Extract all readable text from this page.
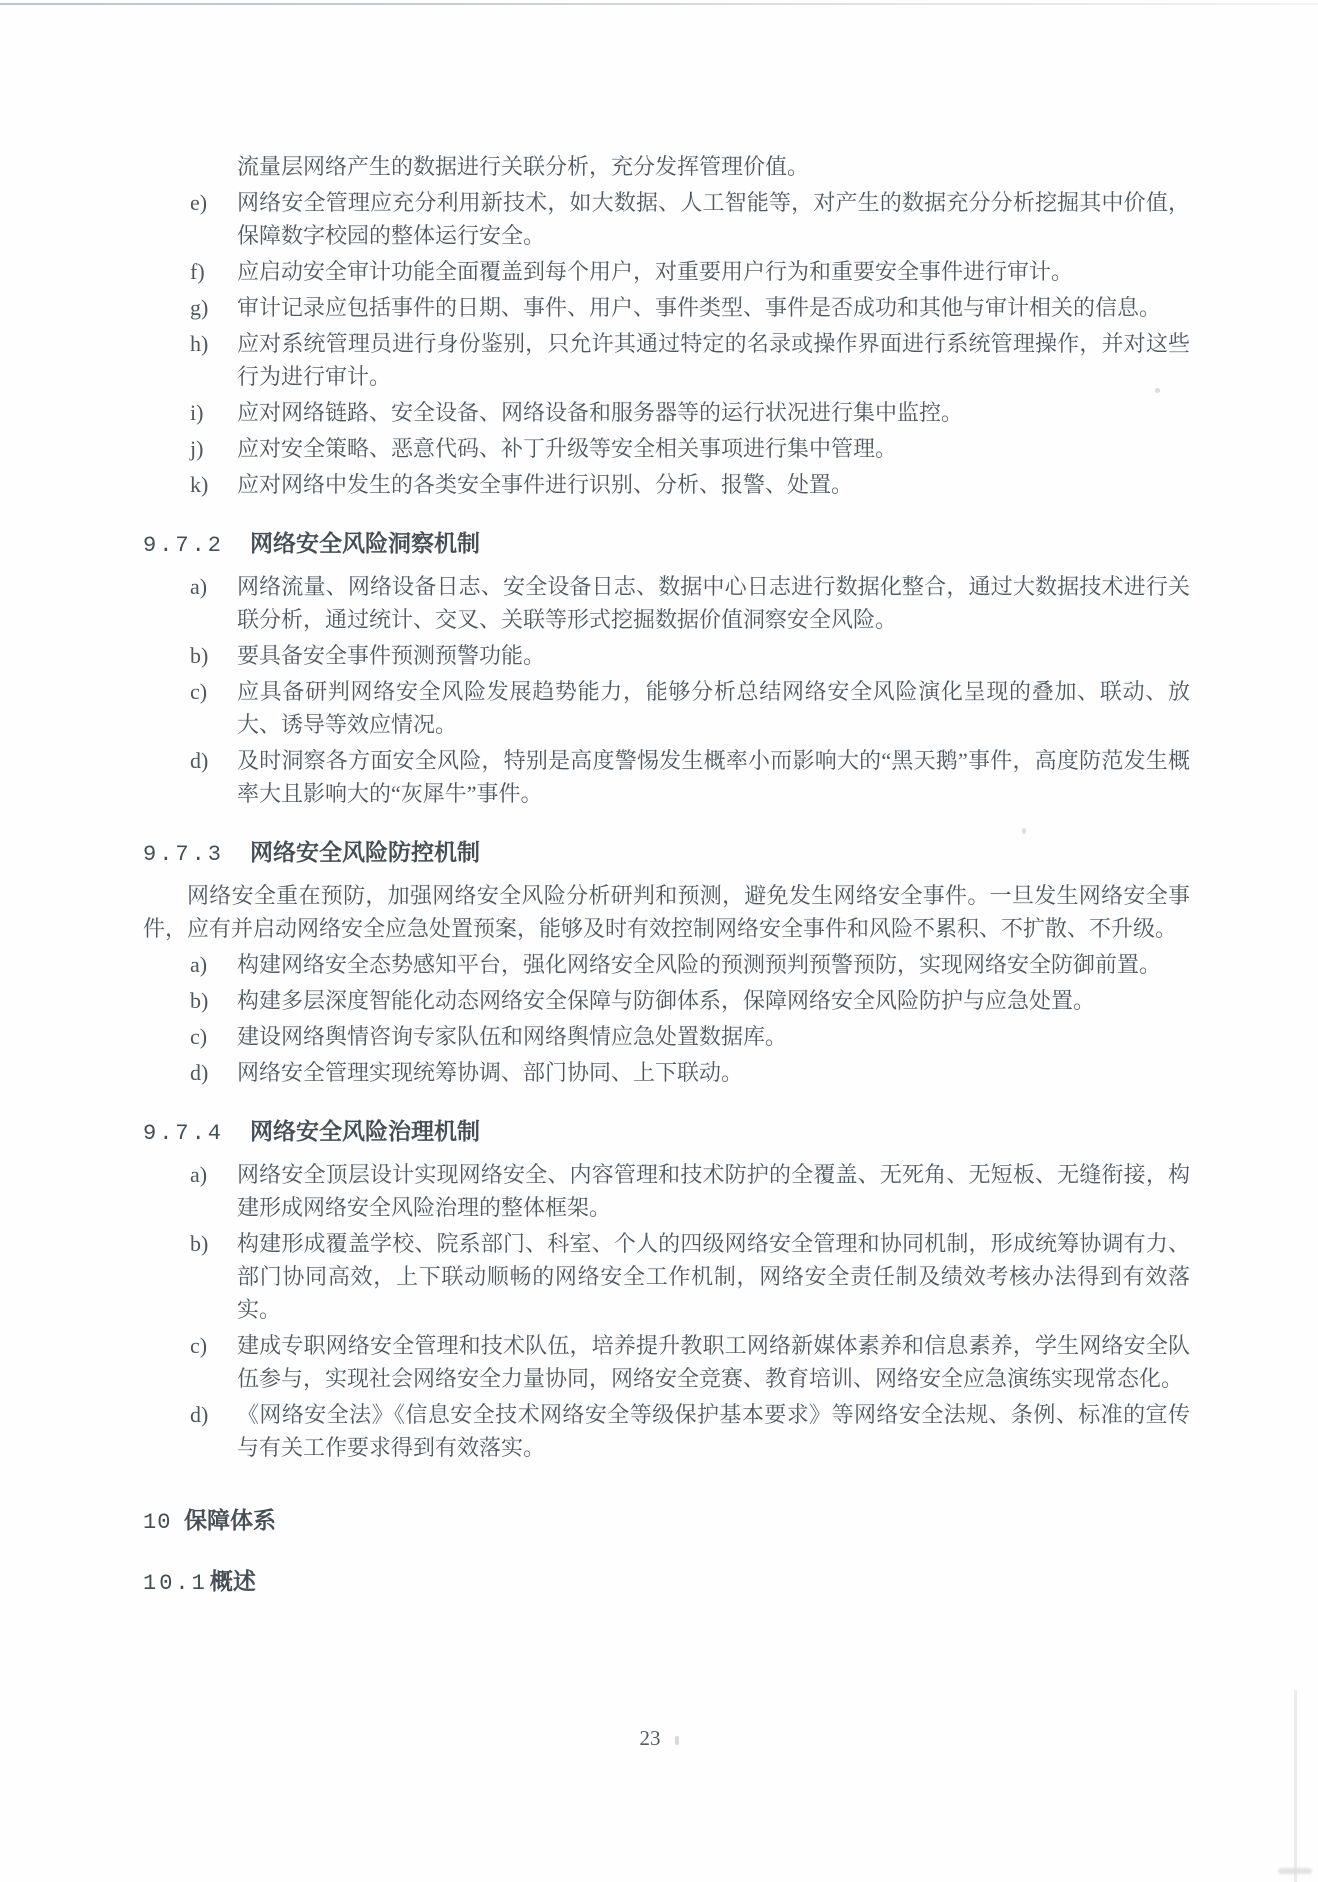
流量层网络产生的数据进行关联分析，充分发挥管理价值。
e)	网络安全管理应充分利用新技术，如大数据、人工智能等，对产生的数据充分分析挖掘其中价值，保障数字校园的整体运行安全。
f)	应启动安全审计功能全面覆盖到每个用户，对重要用户行为和重要安全事件进行审计。
g)	审计记录应包括事件的日期、事件、用户、事件类型、事件是否成功和其他与审计相关的信息。
h)	应对系统管理员进行身份鉴别，只允许其通过特定的名录或操作界面进行系统管理操作，并对这些行为进行审计。
i)	应对网络链路、安全设备、网络设备和服务器等的运行状况进行集中监控。
j)	应对安全策略、恶意代码、补丁升级等安全相关事项进行集中管理。
k)	应对网络中发生的各类安全事件进行识别、分析、报警、处置。
9.7.2	网络安全风险洞察机制
a)	网络流量、网络设备日志、安全设备日志、数据中心日志进行数据化整合，通过大数据技术进行关联分析，通过统计、交叉、关联等形式挖掘数据价值洞察安全风险。
b)	要具备安全事件预测预警功能。
c)	应具备研判网络安全风险发展趋势能力，能够分析总结网络安全风险演化呈现的叠加、联动、放大、诱导等效应情况。
d)	及时洞察各方面安全风险，特别是高度警惕发生概率小而影响大的“黑天鹅”事件，高度防范发生概率大且影响大的“灰犀牛”事件。
9.7.3	网络安全风险防控机制
网络安全重在预防，加强网络安全风险分析研判和预测，避免发生网络安全事件。一旦发生网络安全事件，应有并启动网络安全应急处置预案，能够及时有效控制网络安全事件和风险不累积、不扩散、不升级。
a)	构建网络安全态势感知平台，强化网络安全风险的预测预判预警预防，实现网络安全防御前置。
b)	构建多层深度智能化动态网络安全保障与防御体系，保障网络安全风险防护与应急处置。
c)	建设网络舆情咨询专家队伍和网络舆情应急处置数据库。
d)	网络安全管理实现统筹协调、部门协同、上下联动。
9.7.4	网络安全风险治理机制
a)	网络安全顶层设计实现网络安全、内容管理和技术防护的全覆盖、无死角、无短板、无缝衔接，构建形成网络安全风险治理的整体框架。
b)	构建形成覆盖学校、院系部门、科室、个人的四级网络安全管理和协同机制，形成统筹协调有力、部门协同高效，上下联动顺畅的网络安全工作机制，网络安全责任制及绩效考核办法得到有效落实。
c)	建成专职网络安全管理和技术队伍，培养提升教职工网络新媒体素养和信息素养，学生网络安全队伍参与，实现社会网络安全力量协同，网络安全竞赛、教育培训、网络安全应急演练实现常态化。
d)	《网络安全法》《信息安全技术网络安全等级保护基本要求》等网络安全法规、条例、标准的宣传与有关工作要求得到有效落实。
10 保障体系
10.1 概述
23
